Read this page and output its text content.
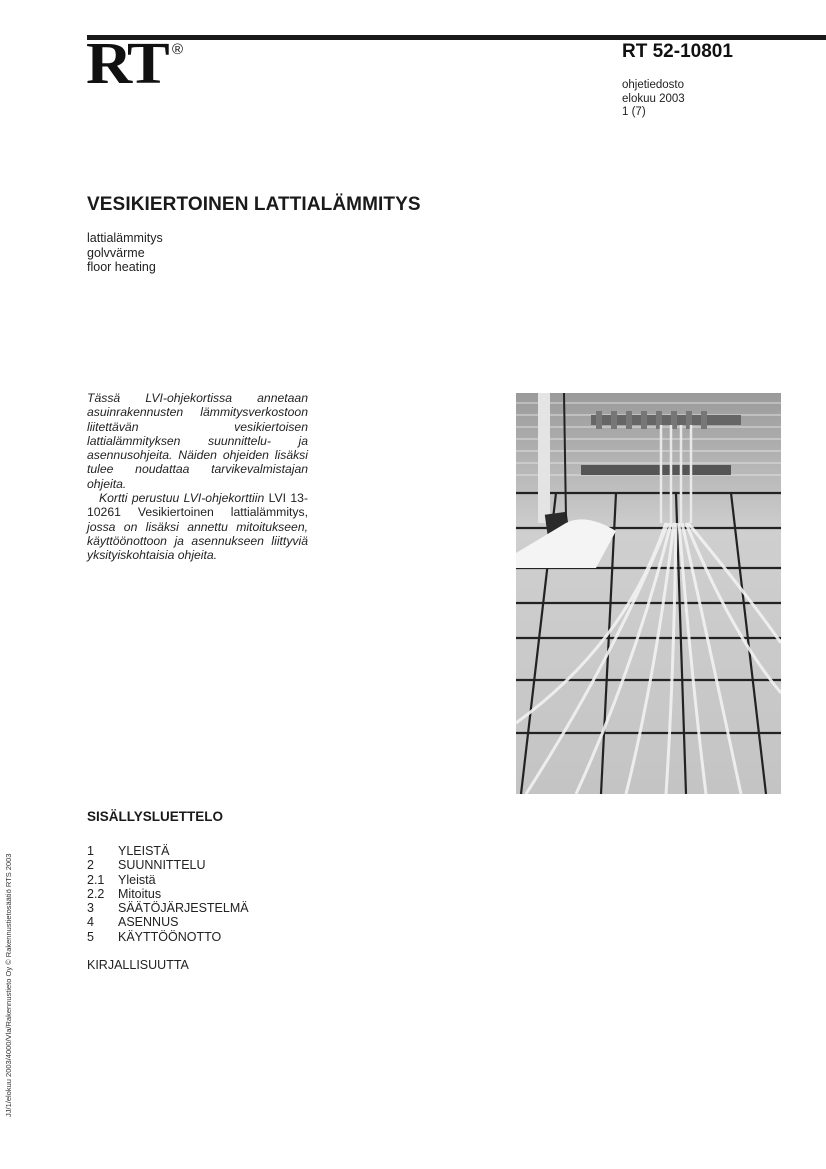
RT ®	RT 52-10801
ohjetiedosto
elokuu 2003
1 (7)
VESIKIERTOINEN LATTIALÄMMITYS
lattialämmitys
golvvärme
floor heating

Tässä LVI-ohjekortissa annetaan asuinrakennusten lämmitysverkostoon liitettävän vesikiertoisen lattialämmityksen suunnittelu- ja asennusohjeita. Näiden ohjeiden lisäksi tulee noudattaa tarvikevalmistajan ohjeita.

Kortti perustuu LVI-ohjekorttiin LVI 13-10261 Vesikiertoinen lattialämmitys, jossa on lisäksi annettu mitoitukseen, käyttöönottoon ja asennukseen liittyviä yksityiskohtaisia ohjeita.

SISÄLLYSLUETTELO
1	YLEISTÄ
2	SUUNNITTELU
2.1	Yleistä
2.2	Mitoitus
3	SÄÄTÖJÄRJESTELMÄ
4	ASENNUS
5	KÄYTTÖÖNOTTO
KIRJALLISUUTTA
JJ/1/elokuu 2003/4000/Vla/Rakennustieto Oy © Rakennustietosäätiö RTS 2003
